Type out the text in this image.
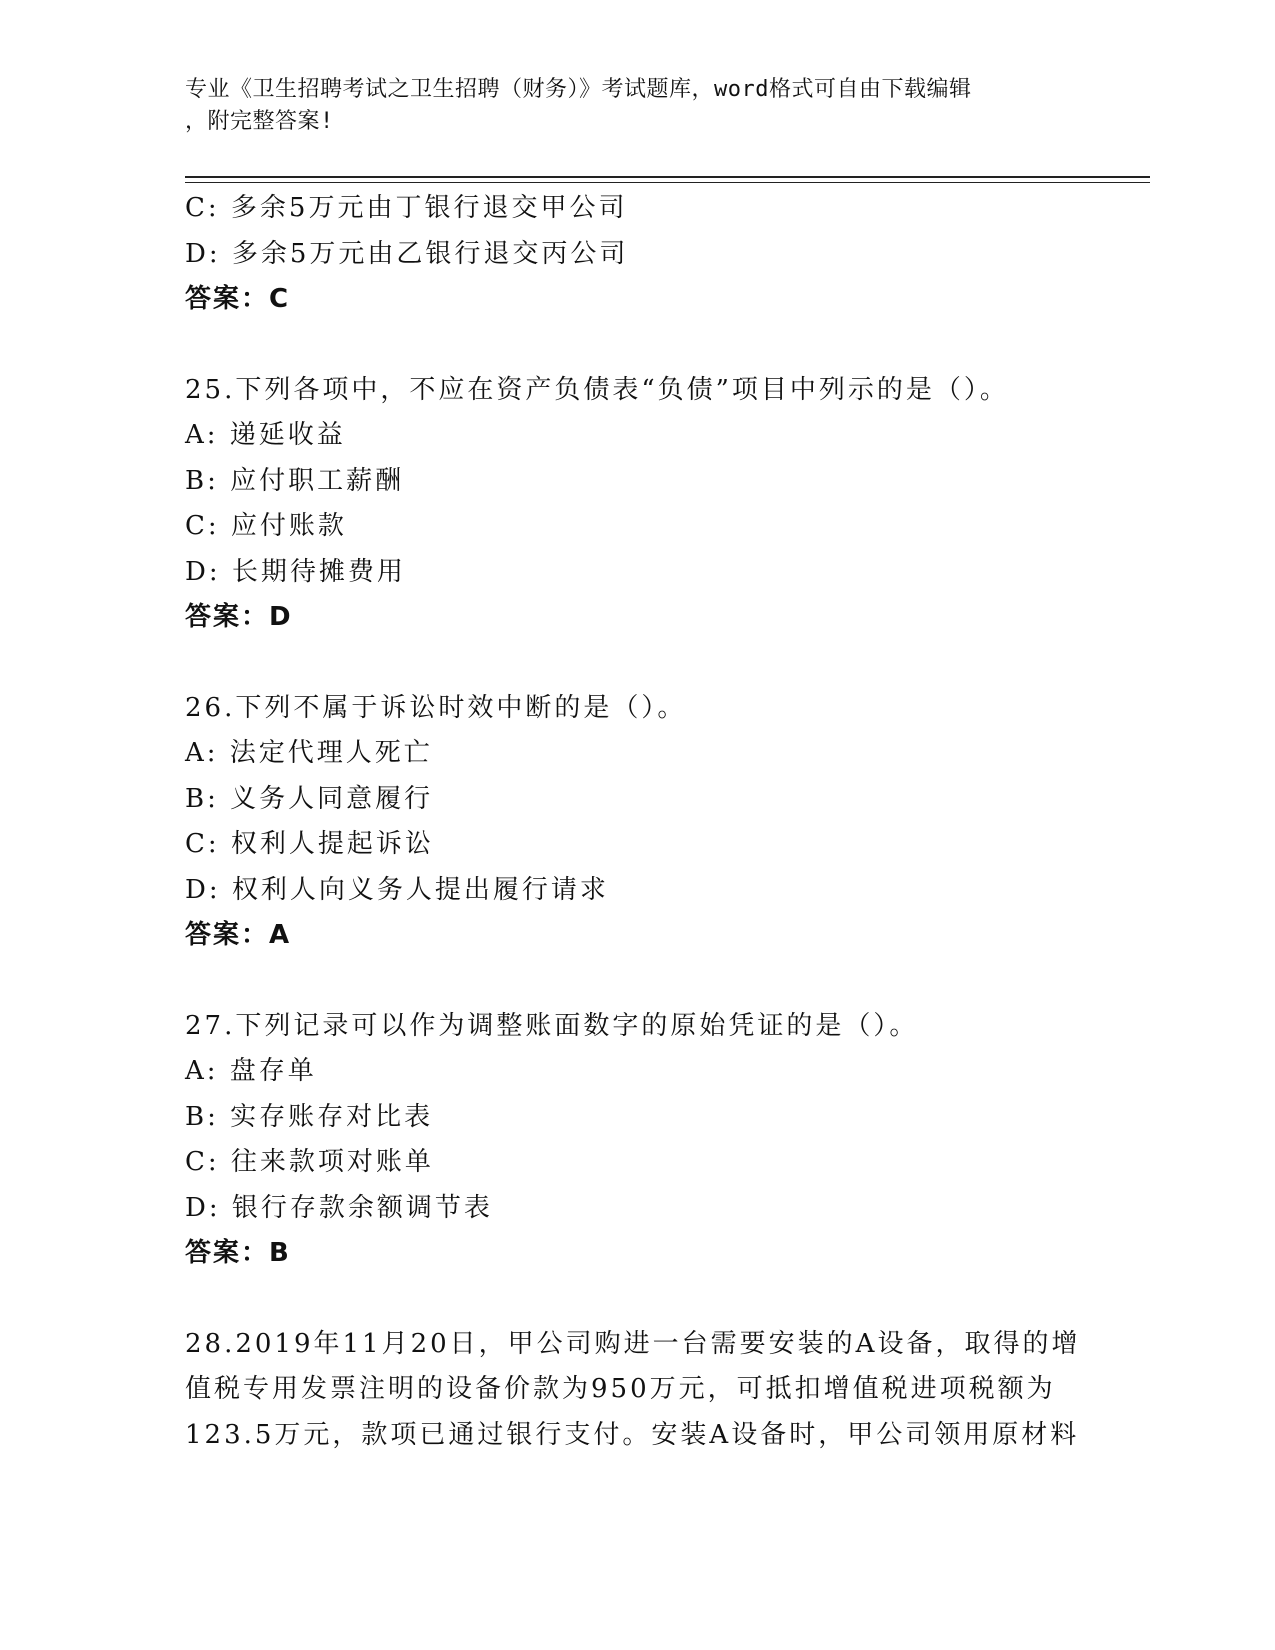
专业《卫生招聘考试之卫生招聘（财务）》考试题库，word格式可自由下载编辑
，附完整答案!
C: 多余5万元由丁银行退交甲公司
D: 多余5万元由乙银行退交丙公司
答案：C
25.下列各项中，不应在资产负债表“负债”项目中列示的是（）。
A: 递延收益
B: 应付职工薪酬
C: 应付账款
D: 长期待摊费用
答案：D
26.下列不属于诉讼时效中断的是（）。
A: 法定代理人死亡
B: 义务人同意履行
C: 权利人提起诉讼
D: 权利人向义务人提出履行请求
答案：A
27.下列记录可以作为调整账面数字的原始凭证的是（）。
A: 盘存单
B: 实存账存对比表
C: 往来款项对账单
D: 银行存款余额调节表
答案：B
28.2019年11月20日，甲公司购进一台需要安装的A设备，取得的增
值税专用发票注明的设备价款为950万元，可抵扣增值税进项税额为
123.5万元，款项已通过银行支付。安装A设备时，甲公司领用原材料
